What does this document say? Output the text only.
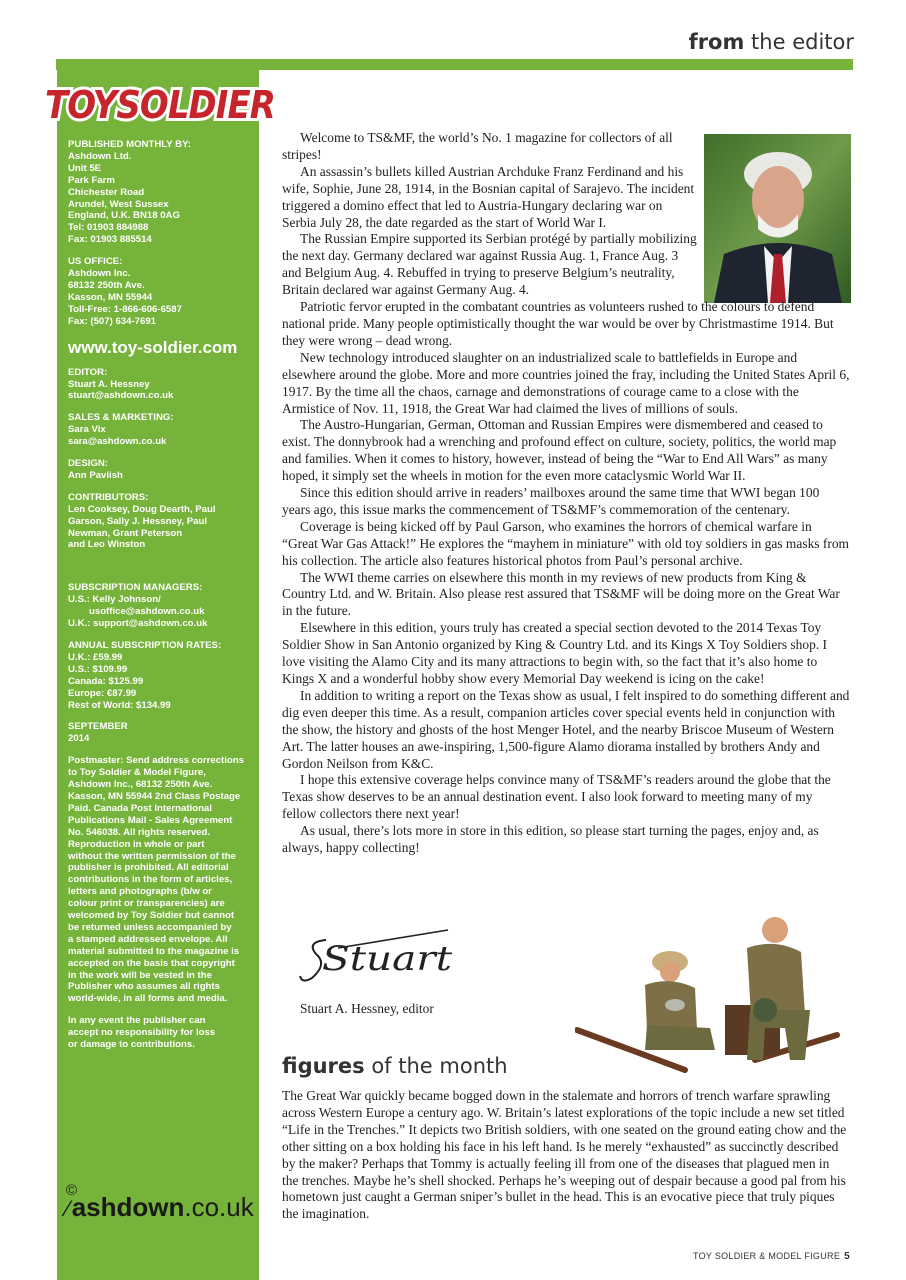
from the editor
TOYSOLDIER
PUBLISHED MONTHLY BY:
Ashdown Ltd.
Unit 5E
Park Farm
Chichester Road
Arundel, West Sussex
England, U.K. BN18 0AG
Tel: 01903 884988
Fax: 01903 885514
US OFFICE:
Ashdown Inc.
68132 250th Ave.
Kasson, MN 55944
Toll-Free: 1-866-606-6587
Fax: (507) 634-7691
www.toy-soldier.com
EDITOR:
Stuart A. Hessney
stuart@ashdown.co.uk
SALES & MARKETING:
Sara Vix
sara@ashdown.co.uk
DESIGN:
Ann Pavlish
CONTRIBUTORS:
Len Cooksey, Doug Dearth, Paul
Garson, Sally J. Hessney, Paul
Newman, Grant Peterson
and Leo Winston
SUBSCRIPTION MANAGERS:
U.S.: Kelly Johnson/
usoffice@ashdown.co.uk
U.K.: support@ashdown.co.uk
ANNUAL SUBSCRIPTION RATES:
U.K.: £59.99
U.S.: $109.99
Canada: $125.99
Europe: €87.99
Rest of World: $134.99
SEPTEMBER
2014
Postmaster: Send address corrections
to Toy Soldier & Model Figure,
Ashdown Inc., 68132 250th Ave.
Kasson, MN 55944 2nd Class Postage
Paid. Canada Post International
Publications Mail - Sales Agreement
No. 546038. All rights reserved.
Reproduction in whole or part
without the written permission of the
publisher is prohibited. All editorial
contributions in the form of articles,
letters and photographs (b/w or
colour print or transparencies) are
welcomed by Toy Soldier but cannot
be returned unless accompanied by
a stamped addressed envelope. All
material submitted to the magazine is
accepted on the basis that copyright
in the work will be vested in the
Publisher who assumes all rights
world-wide, in all forms and media.
In any event the publisher can
accept no responsibility for loss
or damage to contributions.
©
⁄ashdown.co.uk

Welcome to TS&MF, the world’s No. 1 magazine for collectors of all stripes!

An assassin’s bullets killed Austrian Archduke Franz Ferdinand and his wife, Sophie, June 28, 1914, in the Bosnian capital of Sarajevo. The incident triggered a domino effect that led to Austria-Hungary declaring war on Serbia July 28, the date regarded as the start of World War I.

The Russian Empire supported its Serbian protégé by partially mobilizing the next day. Germany declared war against Russia Aug. 1, France Aug. 3 and Belgium Aug. 4. Rebuffed in trying to preserve Belgium’s neutrality, Britain declared war against Germany Aug. 4.

Patriotic fervor erupted in the combatant countries as volunteers rushed to the colours to defend national pride. Many people optimistically thought the war would be over by Christmastime 1914. But they were wrong – dead wrong.

New technology introduced slaughter on an industrialized scale to battlefields in Europe and elsewhere around the globe. More and more countries joined the fray, including the United States April 6, 1917. By the time all the chaos, carnage and demonstrations of courage came to a close with the Armistice of Nov. 11, 1918, the Great War had claimed the lives of millions of souls.

The Austro-Hungarian, German, Ottoman and Russian Empires were dismembered and ceased to exist. The donnybrook had a wrenching and profound effect on culture, society, politics, the world map and families. When it comes to history, however, instead of being the “War to End All Wars” as many hoped, it simply set the wheels in motion for the even more cataclysmic World War II.

Since this edition should arrive in readers’ mailboxes around the same time that WWI began 100 years ago, this issue marks the commencement of TS&MF’s commemoration of the centenary.

Coverage is being kicked off by Paul Garson, who examines the horrors of chemical warfare in “Great War Gas Attack!” He explores the “mayhem in miniature” with old toy soldiers in gas masks from his collection. The article also features historical photos from Paul’s personal archive.

The WWI theme carries on elsewhere this month in my reviews of new products from King & Country Ltd. and W. Britain. Also please rest assured that TS&MF will be doing more on the Great War in the future.

Elsewhere in this edition, yours truly has created a special section devoted to the 2014 Texas Toy Soldier Show in San Antonio organized by King & Country Ltd. and its Kings X Toy Soldiers shop. I love visiting the Alamo City and its many attractions to begin with, so the fact that it’s also home to Kings X and a wonderful hobby show every Memorial Day weekend is icing on the cake!

In addition to writing a report on the Texas show as usual, I felt inspired to do something different and dig even deeper this time. As a result, companion articles cover special events held in conjunction with the show, the history and ghosts of the host Menger Hotel, and the nearby Briscoe Museum of Western Art. The latter houses an awe-inspiring, 1,500-figure Alamo diorama installed by brothers Andy and Gordon Neilson from K&C.

I hope this extensive coverage helps convince many of TS&MF’s readers around the globe that the Texas show deserves to be an annual destination event. I also look forward to meeting many of my fellow collectors there next year!

As usual, there’s lots more in store in this edition, so please start turning the pages, enjoy and, as always, happy collecting!

Stuart
Stuart A. Hessney, editor
figures of the month

The Great War quickly became bogged down in the stalemate and horrors of trench warfare sprawling across Western Europe a century ago. W. Britain’s latest explorations of the topic include a new set titled “Life in the Trenches.” It depicts two British soldiers, with one seated on the ground eating chow and the other sitting on a box holding his face in his left hand. Is he merely “exhausted” as succinctly described by the maker? Perhaps that Tommy is actually feeling ill from one of the diseases that plagued men in the trenches. Maybe he’s shell shocked. Perhaps he’s weeping out of despair because a good pal from his hometown just caught a German sniper’s bullet in the head. This is an evocative piece that truly piques the imagination.

TOY SOLDIER & MODEL FIGURE 5
